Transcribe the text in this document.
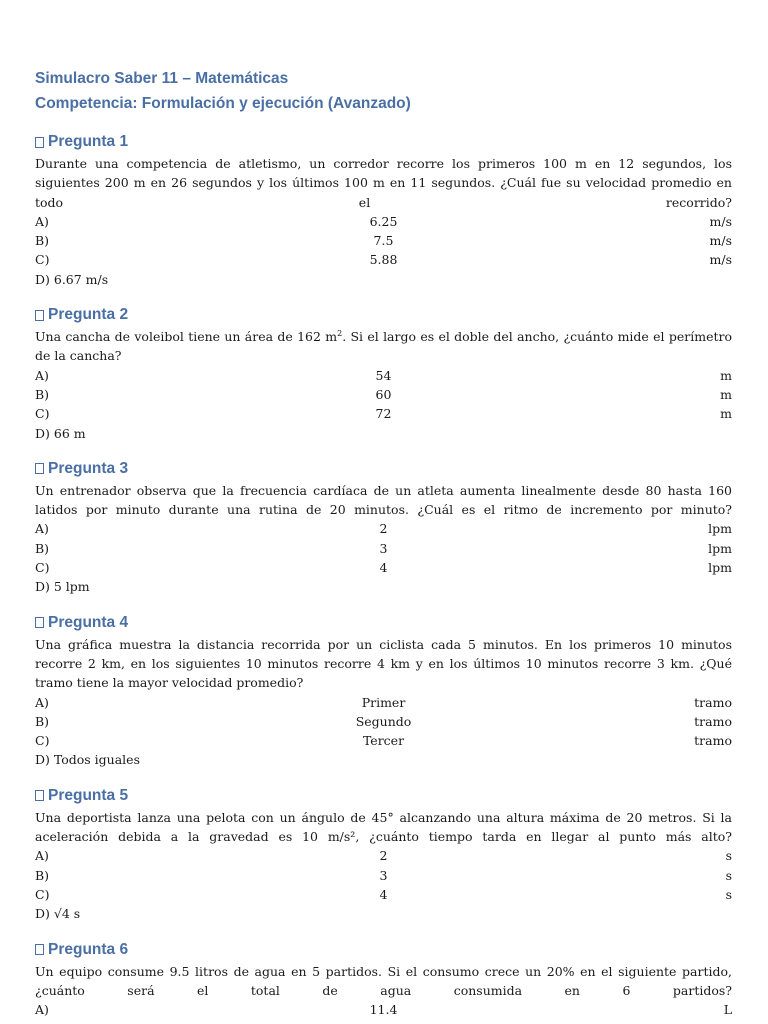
Simulacro Saber 11 – Matemáticas
Competencia: Formulación y ejecución (Avanzado)
Pregunta 1
Durante una competencia de atletismo, un corredor recorre los primeros 100 m en 12 segundos, los siguientes 200 m en 26 segundos y los últimos 100 m en 11 segundos. ¿Cuál fue su velocidad promedio en todo el recorrido?
A)	6.25	m/s
B)	7.5	m/s
C)	5.88	m/s
D) 6.67 m/s
Pregunta 2
Una cancha de voleibol tiene un área de 162 $m^2$. Si el largo es el doble del ancho, ¿cuánto mide el perímetro de la cancha?
A)	54	m
B)	60	m
C)	72	m
D) 66 m
Pregunta 3
Un entrenador observa que la frecuencia cardíaca de un atleta aumenta linealmente desde 80 hasta 160 latidos por minuto durante una rutina de 20 minutos. ¿Cuál es el ritmo de incremento por minuto?
A)	2	lpm
B)	3	lpm
C)	4	lpm
D) 5 lpm
Pregunta 4
Una gráfica muestra la distancia recorrida por un ciclista cada 5 minutos. En los primeros 10 minutos recorre 2 km, en los siguientes 10 minutos recorre 4 km y en los últimos 10 minutos recorre 3 km. ¿Qué tramo tiene la mayor velocidad promedio?
A)	Primer	tramo
B)	Segundo	tramo
C)	Tercer	tramo
D) Todos iguales
Pregunta 5
Una deportista lanza una pelota con un ángulo de 45° alcanzando una altura máxima de 20 metros. Si la aceleración debida a la gravedad es 10 m/s², ¿cuánto tiempo tarda en llegar al punto más alto?
A)	2	s
B)	3	s
C)	4	s
D) √4 s
Pregunta 6
Un equipo consume 9.5 litros de agua en 5 partidos. Si el consumo crece un 20% en el siguiente partido, ¿cuánto será el total de agua consumida en 6 partidos?
A)	11.4	L
